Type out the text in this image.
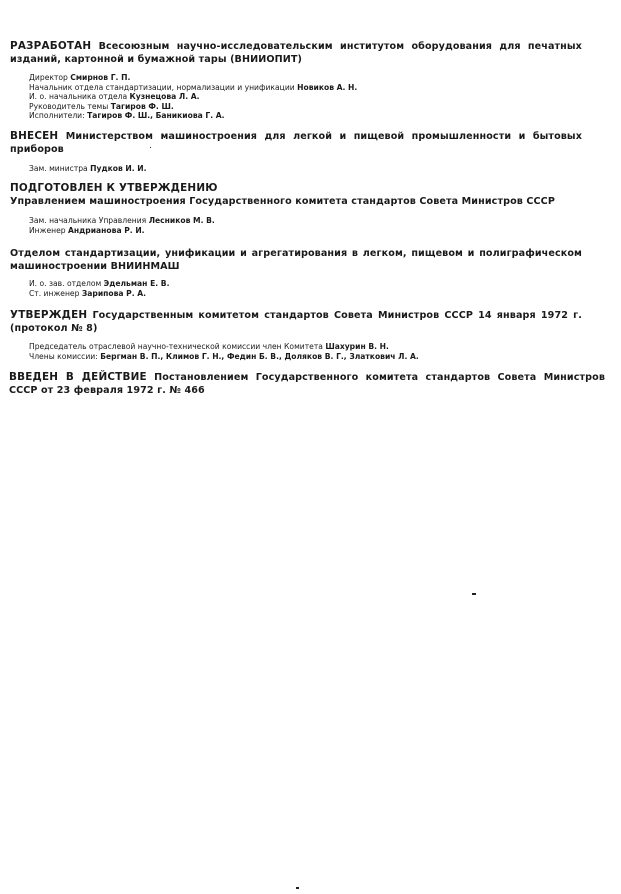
РАЗРАБОТАН Всесоюзным научно-исследовательским институтом оборудования для печатных изданий, картонной и бумажной тары (ВНИИОПИТ)
Директор Смирнов Г. П.
Начальник отдела стандартизации, нормализации и унификации Новиков А. Н.
И. о. начальника отдела Кузнецова Л. А.
Руководитель темы Тагиров Ф. Ш.
Исполнители: Тагиров Ф. Ш., Баникиова Г. А.
ВНЕСЕН Министерством машиностроения для легкой и пищевой промышленности и бытовых приборов
Зам. министра Пудков И. И.
ПОДГОТОВЛЕН К УТВЕРЖДЕНИЮ
Управлением машиностроения Государственного комитета стандартов Совета Министров СССР
Зам. начальника Управления Лесников М. В.
Инженер Андрианова Р. И.
Отделом стандартизации, унификации и агрегатирования в легком, пищевом и полиграфическом машиностроении ВНИИНМАШ
И. о. зав. отделом Эдельман Е. В.
Ст. инженер Зарипова Р. А.
УТВЕРЖДЕН Государственным комитетом стандартов Совета Министров СССР 14 января 1972 г. (протокол № 8)
Председатель отраслевой научно-технической комиссии член Комитета Шахурин В. Н.
Члены комиссии: Бергман В. П., Климов Г. Н., Федин Б. В., Доляков В. Г., Златкович Л. А.
ВВЕДЕН В ДЕЙСТВИЕ Постановлением Государственного комитета стандартов Совета Министров СССР от 23 февраля 1972 г. № 466
